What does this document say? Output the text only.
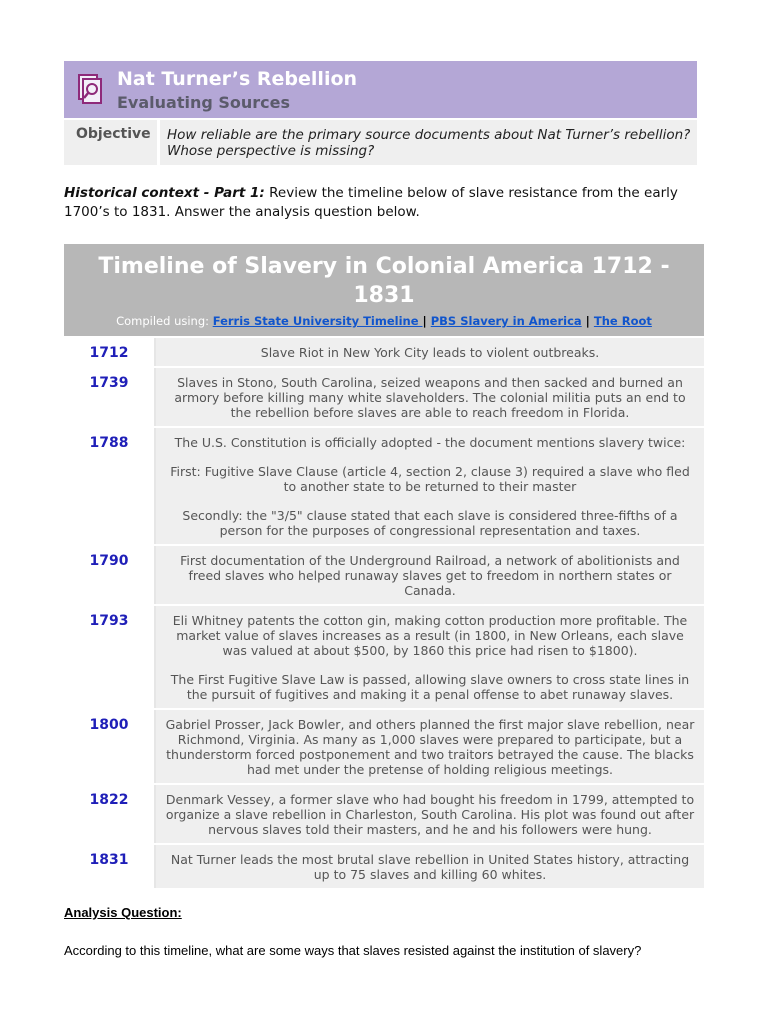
Nat Turner’s Rebellion
Evaluating Sources
Objective How reliable are the primary source documents about Nat Turner’s rebellion? Whose perspective is missing?
Historical context - Part 1: Review the timeline below of slave resistance from the early 1700’s to 1831. Answer the analysis question below.
Timeline of Slavery in Colonial America 1712 - 1831
Compiled using: Ferris State University Timeline | PBS Slavery in America | The Root
1712	Slave Riot in New York City leads to violent outbreaks.

1739	Slaves in Stono, South Carolina, seized weapons and then sacked and burned an armory before killing many white slaveholders. The colonial militia puts an end to the rebellion before slaves are able to reach freedom in Florida.

1788	The U.S. Constitution is officially adopted - the document mentions slavery twice:

First: Fugitive Slave Clause (article 4, section 2, clause 3) required a slave who fled to another state to be returned to their master

Secondly: the "3/5" clause stated that each slave is considered three-fifths of a person for the purposes of congressional representation and taxes.

1790	First documentation of the Underground Railroad, a network of abolitionists and freed slaves who helped runaway slaves get to freedom in northern states or Canada.

1793	Eli Whitney patents the cotton gin, making cotton production more profitable. The market value of slaves increases as a result (in 1800, in New Orleans, each slave was valued at about $500, by 1860 this price had risen to $1800).

The First Fugitive Slave Law is passed, allowing slave owners to cross state lines in the pursuit of fugitives and making it a penal offense to abet runaway slaves.

1800	Gabriel Prosser, Jack Bowler, and others planned the first major slave rebellion, near Richmond, Virginia. As many as 1,000 slaves were prepared to participate, but a thunderstorm forced postponement and two traitors betrayed the cause. The blacks had met under the pretense of holding religious meetings.

1822	Denmark Vessey, a former slave who had bought his freedom in 1799, attempted to organize a slave rebellion in Charleston, South Carolina. His plot was found out after nervous slaves told their masters, and he and his followers were hung.

1831	Nat Turner leads the most brutal slave rebellion in United States history, attracting up to 75 slaves and killing 60 whites.

Analysis Question:
According to this timeline, what are some ways that slaves resisted against the institution of slavery?
